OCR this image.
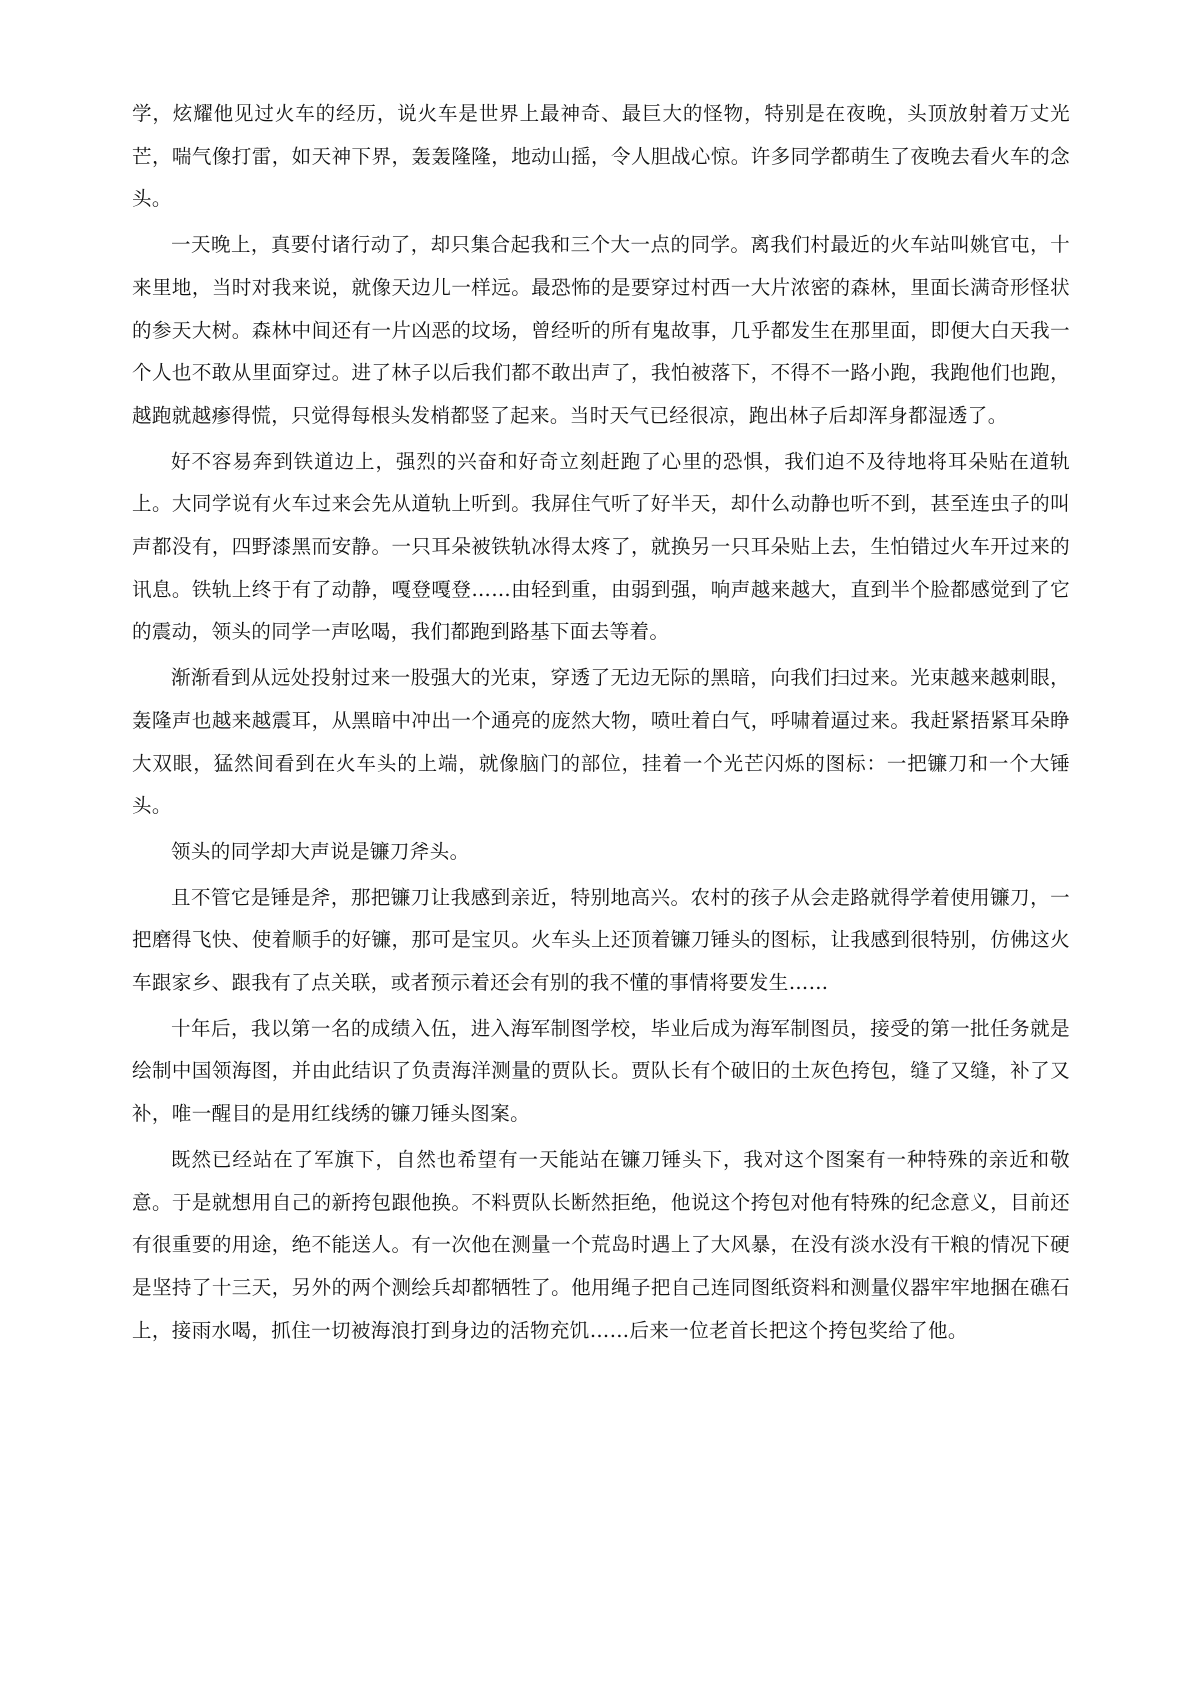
学，炫耀他见过火车的经历，说火车是世界上最神奇、最巨大的怪物，特别是在夜晚，头顶放射着万丈光芒，喘气像打雷，如天神下界，轰轰隆隆，地动山摇，令人胆战心惊。许多同学都萌生了夜晚去看火车的念头。

一天晚上，真要付诸行动了，却只集合起我和三个大一点的同学。离我们村最近的火车站叫姚官屯，十来里地，当时对我来说，就像天边儿一样远。最恐怖的是要穿过村西一大片浓密的森林，里面长满奇形怪状的参天大树。森林中间还有一片凶恶的坟场，曾经听的所有鬼故事，几乎都发生在那里面，即便大白天我一个人也不敢从里面穿过。进了林子以后我们都不敢出声了，我怕被落下，不得不一路小跑，我跑他们也跑，越跑就越瘆得慌，只觉得每根头发梢都竖了起来。当时天气已经很凉，跑出林子后却浑身都湿透了。

好不容易奔到铁道边上，强烈的兴奋和好奇立刻赶跑了心里的恐惧，我们迫不及待地将耳朵贴在道轨上。大同学说有火车过来会先从道轨上听到。我屏住气听了好半天，却什么动静也听不到，甚至连虫子的叫声都没有，四野漆黑而安静。一只耳朵被铁轨冰得太疼了，就换另一只耳朵贴上去，生怕错过火车开过来的讯息。铁轨上终于有了动静，嘎登嘎登……由轻到重，由弱到强，响声越来越大，直到半个脸都感觉到了它的震动，领头的同学一声吆喝，我们都跑到路基下面去等着。

渐渐看到从远处投射过来一股强大的光束，穿透了无边无际的黑暗，向我们扫过来。光束越来越刺眼，轰隆声也越来越震耳，从黑暗中冲出一个通亮的庞然大物，喷吐着白气，呼啸着逼过来。我赶紧捂紧耳朵睁大双眼，猛然间看到在火车头的上端，就像脑门的部位，挂着一个光芒闪烁的图标：一把镰刀和一个大锤头。

领头的同学却大声说是镰刀斧头。

且不管它是锤是斧，那把镰刀让我感到亲近，特别地高兴。农村的孩子从会走路就得学着使用镰刀，一把磨得飞快、使着顺手的好镰，那可是宝贝。火车头上还顶着镰刀锤头的图标，让我感到很特别，仿佛这火车跟家乡、跟我有了点关联，或者预示着还会有别的我不懂的事情将要发生……

十年后，我以第一名的成绩入伍，进入海军制图学校，毕业后成为海军制图员，接受的第一批任务就是绘制中国领海图，并由此结识了负责海洋测量的贾队长。贾队长有个破旧的土灰色挎包，缝了又缝，补了又补，唯一醒目的是用红线绣的镰刀锤头图案。

既然已经站在了军旗下，自然也希望有一天能站在镰刀锤头下，我对这个图案有一种特殊的亲近和敬意。于是就想用自己的新挎包跟他换。不料贾队长断然拒绝，他说这个挎包对他有特殊的纪念意义，目前还有很重要的用途，绝不能送人。有一次他在测量一个荒岛时遇上了大风暴，在没有淡水没有干粮的情况下硬是坚持了十三天，另外的两个测绘兵却都牺牲了。他用绳子把自己连同图纸资料和测量仪器牢牢地捆在礁石上，接雨水喝，抓住一切被海浪打到身边的活物充饥……后来一位老首长把这个挎包奖给了他。
